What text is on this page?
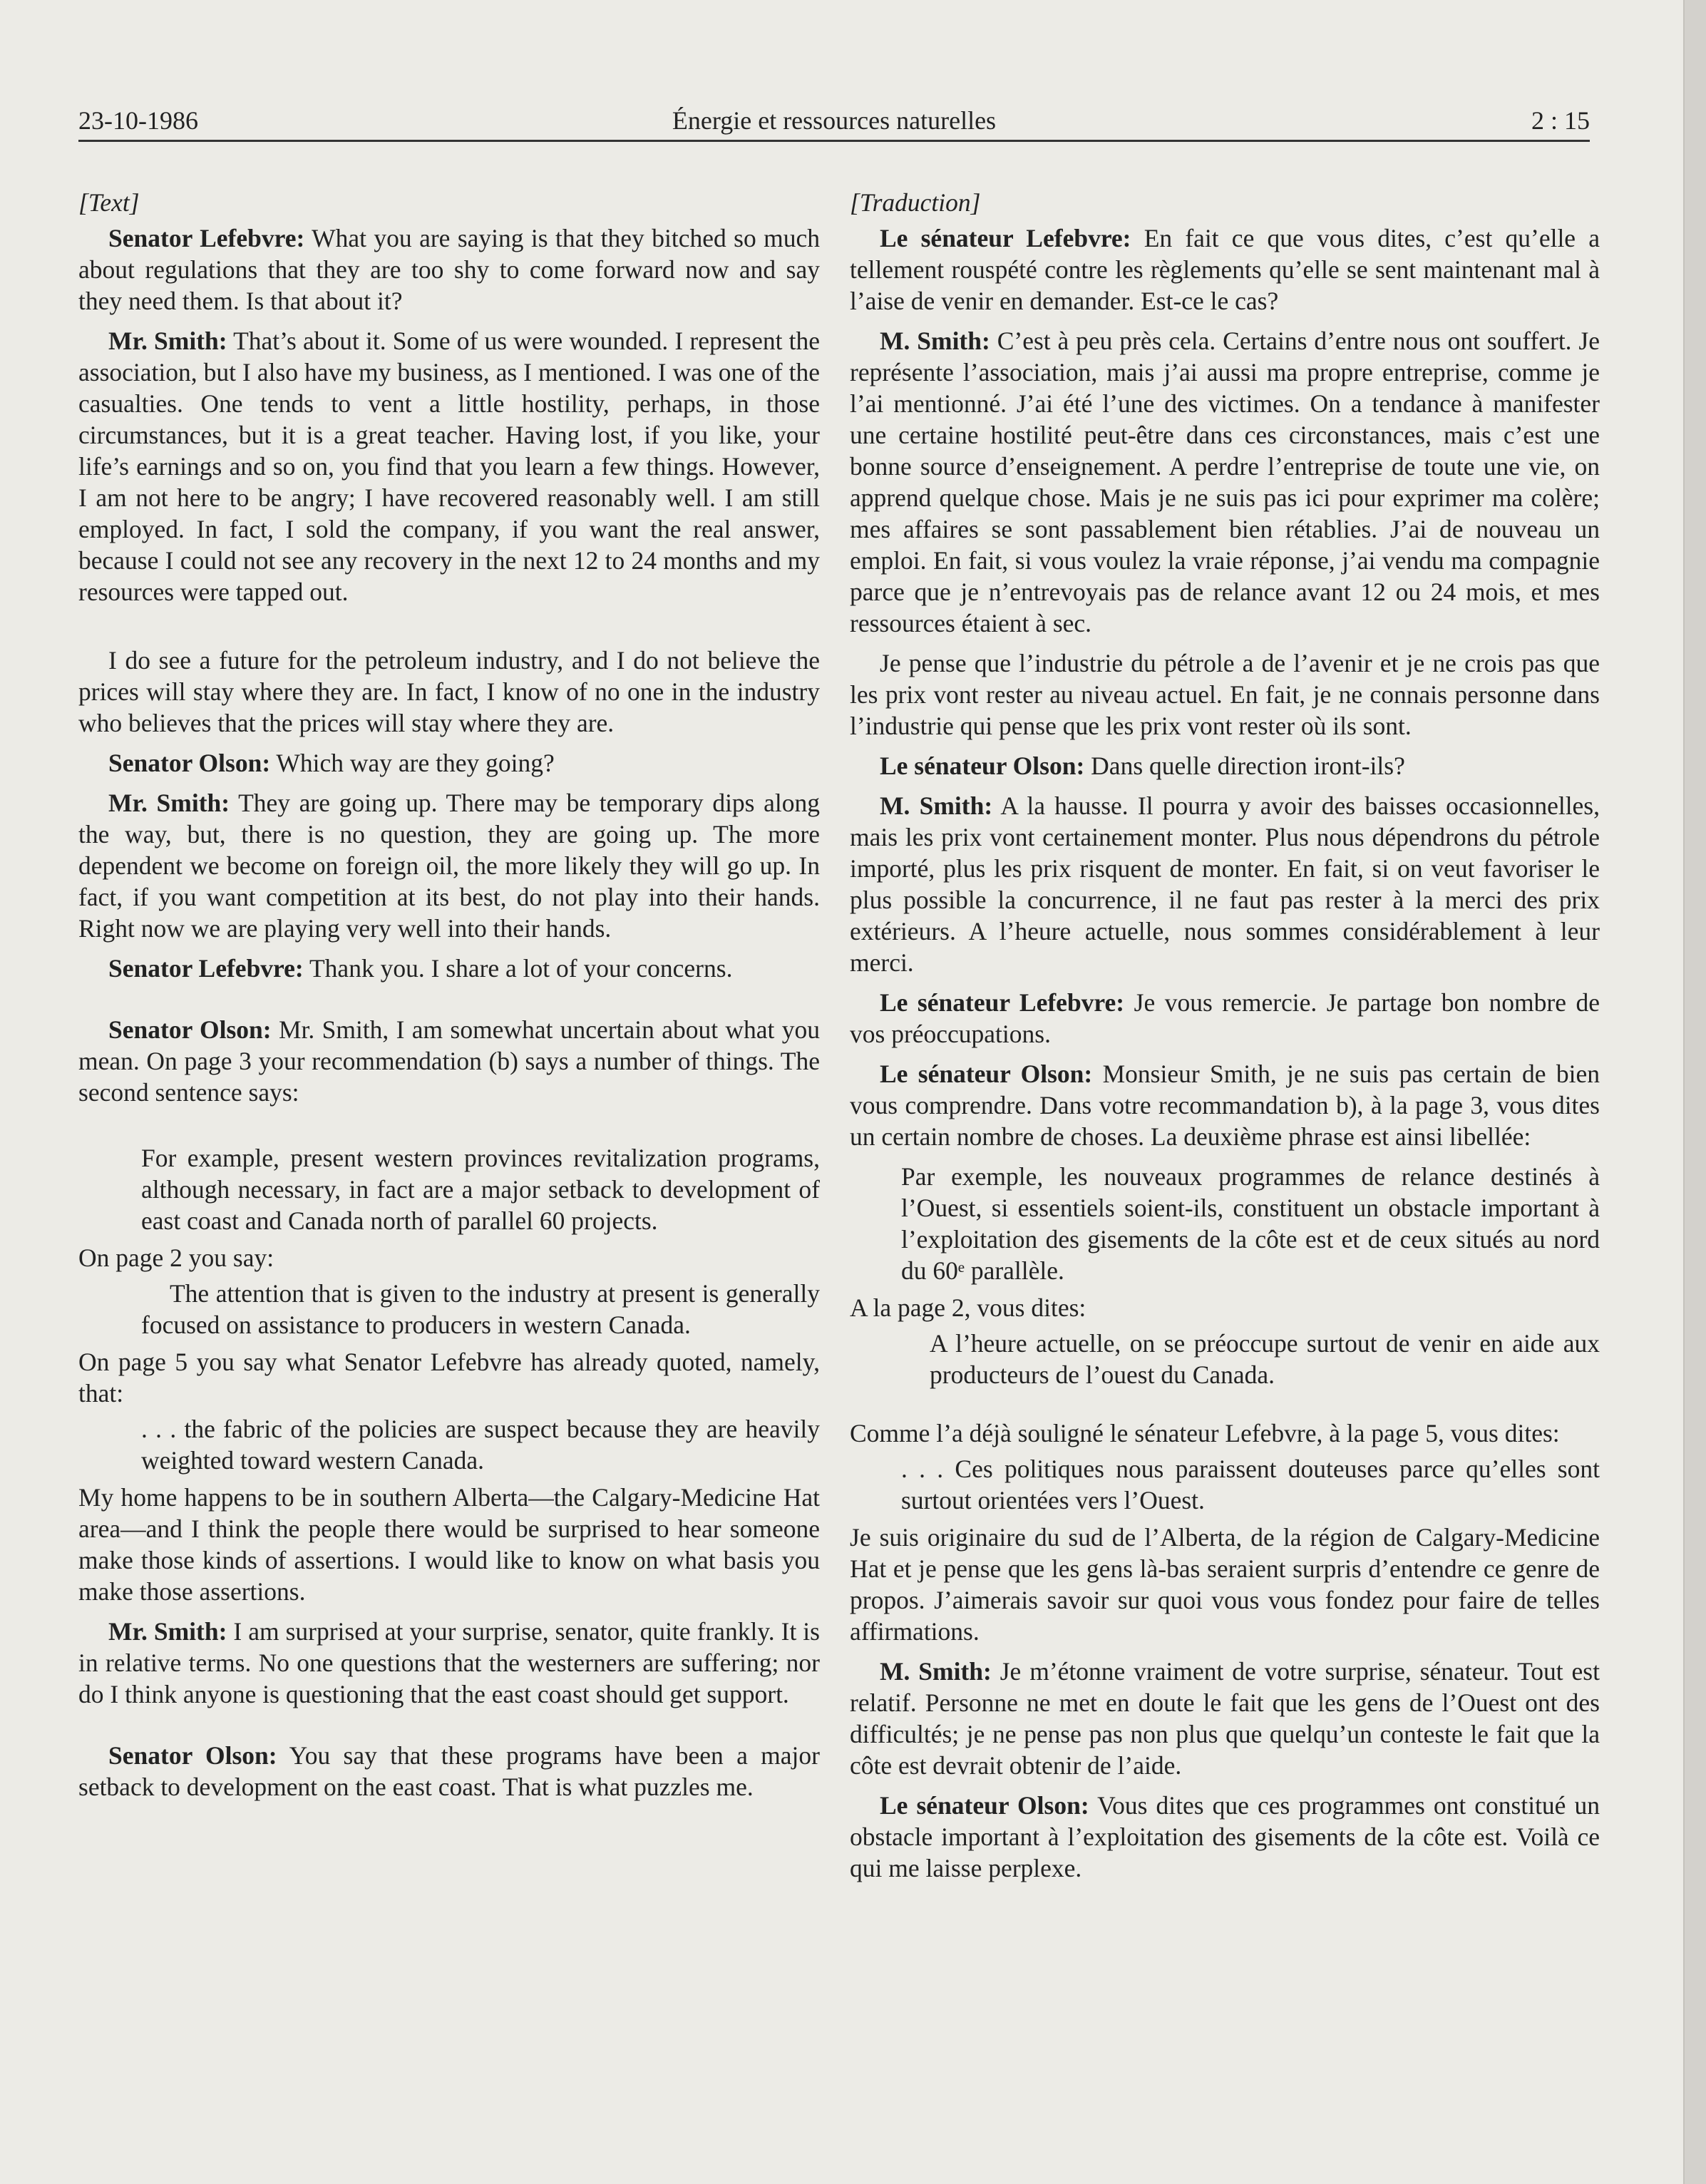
23-10-1986	Énergie et ressources naturelles	2 : 15
[Text]

Senator Lefebvre: What you are saying is that they bitched so much about regulations that they are too shy to come forward now and say they need them. Is that about it?

Mr. Smith: That’s about it. Some of us were wounded. I represent the association, but I also have my business, as I mentioned. I was one of the casualties. One tends to vent a little hostility, perhaps, in those circumstances, but it is a great teacher. Having lost, if you like, your life’s earnings and so on, you find that you learn a few things. However, I am not here to be angry; I have recovered reasonably well. I am still employed. In fact, I sold the company, if you want the real answer, because I could not see any recovery in the next 12 to 24 months and my resources were tapped out.

I do see a future for the petroleum industry, and I do not believe the prices will stay where they are. In fact, I know of no one in the industry who believes that the prices will stay where they are.

Senator Olson: Which way are they going?

Mr. Smith: They are going up. There may be temporary dips along the way, but, there is no question, they are going up. The more dependent we become on foreign oil, the more likely they will go up. In fact, if you want competition at its best, do not play into their hands. Right now we are playing very well into their hands.

Senator Lefebvre: Thank you. I share a lot of your concerns.

Senator Olson: Mr. Smith, I am somewhat uncertain about what you mean. On page 3 your recommendation (b) says a number of things. The second sentence says:

For example, present western provinces revitalization programs, although necessary, in fact are a major setback to development of east coast and Canada north of parallel 60 projects.

On page 2 you say:

The attention that is given to the industry at present is generally focused on assistance to producers in western Canada.

On page 5 you say what Senator Lefebvre has already quoted, namely, that:

. . . the fabric of the policies are suspect because they are heavily weighted toward western Canada.

My home happens to be in southern Alberta—the Calgary-Medicine Hat area—and I think the people there would be surprised to hear someone make those kinds of assertions. I would like to know on what basis you make those assertions.

Mr. Smith: I am surprised at your surprise, senator, quite frankly. It is in relative terms. No one questions that the westerners are suffering; nor do I think anyone is questioning that the east coast should get support.

Senator Olson: You say that these programs have been a major setback to development on the east coast. That is what puzzles me.

[Traduction]

Le sénateur Lefebvre: En fait ce que vous dites, c’est qu’elle a tellement rouspété contre les règlements qu’elle se sent maintenant mal à l’aise de venir en demander. Est-ce le cas?

M. Smith: C’est à peu près cela. Certains d’entre nous ont souffert. Je représente l’association, mais j’ai aussi ma propre entreprise, comme je l’ai mentionné. J’ai été l’une des victimes. On a tendance à manifester une certaine hostilité peut-être dans ces circonstances, mais c’est une bonne source d’enseignement. A perdre l’entreprise de toute une vie, on apprend quelque chose. Mais je ne suis pas ici pour exprimer ma colère; mes affaires se sont passablement bien rétablies. J’ai de nouveau un emploi. En fait, si vous voulez la vraie réponse, j’ai vendu ma compagnie parce que je n’entrevoyais pas de relance avant 12 ou 24 mois, et mes ressources étaient à sec.

Je pense que l’industrie du pétrole a de l’avenir et je ne crois pas que les prix vont rester au niveau actuel. En fait, je ne connais personne dans l’industrie qui pense que les prix vont rester où ils sont.

Le sénateur Olson: Dans quelle direction iront-ils?

M. Smith: A la hausse. Il pourra y avoir des baisses occasionnelles, mais les prix vont certainement monter. Plus nous dépendrons du pétrole importé, plus les prix risquent de monter. En fait, si on veut favoriser le plus possible la concurrence, il ne faut pas rester à la merci des prix extérieurs. A l’heure actuelle, nous sommes considérablement à leur merci.

Le sénateur Lefebvre: Je vous remercie. Je partage bon nombre de vos préoccupations.

Le sénateur Olson: Monsieur Smith, je ne suis pas certain de bien vous comprendre. Dans votre recommandation b), à la page 3, vous dites un certain nombre de choses. La deuxième phrase est ainsi libellée:

Par exemple, les nouveaux programmes de relance destinés à l’Ouest, si essentiels soient-ils, constituent un obstacle important à l’exploitation des gisements de la côte est et de ceux situés au nord du 60ᵉ parallèle.

A la page 2, vous dites:

A l’heure actuelle, on se préoccupe surtout de venir en aide aux producteurs de l’ouest du Canada.

Comme l’a déjà souligné le sénateur Lefebvre, à la page 5, vous dites:

. . . Ces politiques nous paraissent douteuses parce qu’elles sont surtout orientées vers l’Ouest.

Je suis originaire du sud de l’Alberta, de la région de Calgary-Medicine Hat et je pense que les gens là-bas seraient surpris d’entendre ce genre de propos. J’aimerais savoir sur quoi vous vous fondez pour faire de telles affirmations.

M. Smith: Je m’étonne vraiment de votre surprise, sénateur. Tout est relatif. Personne ne met en doute le fait que les gens de l’Ouest ont des difficultés; je ne pense pas non plus que quelqu’un conteste le fait que la côte est devrait obtenir de l’aide.

Le sénateur Olson: Vous dites que ces programmes ont constitué un obstacle important à l’exploitation des gisements de la côte est. Voilà ce qui me laisse perplexe.
